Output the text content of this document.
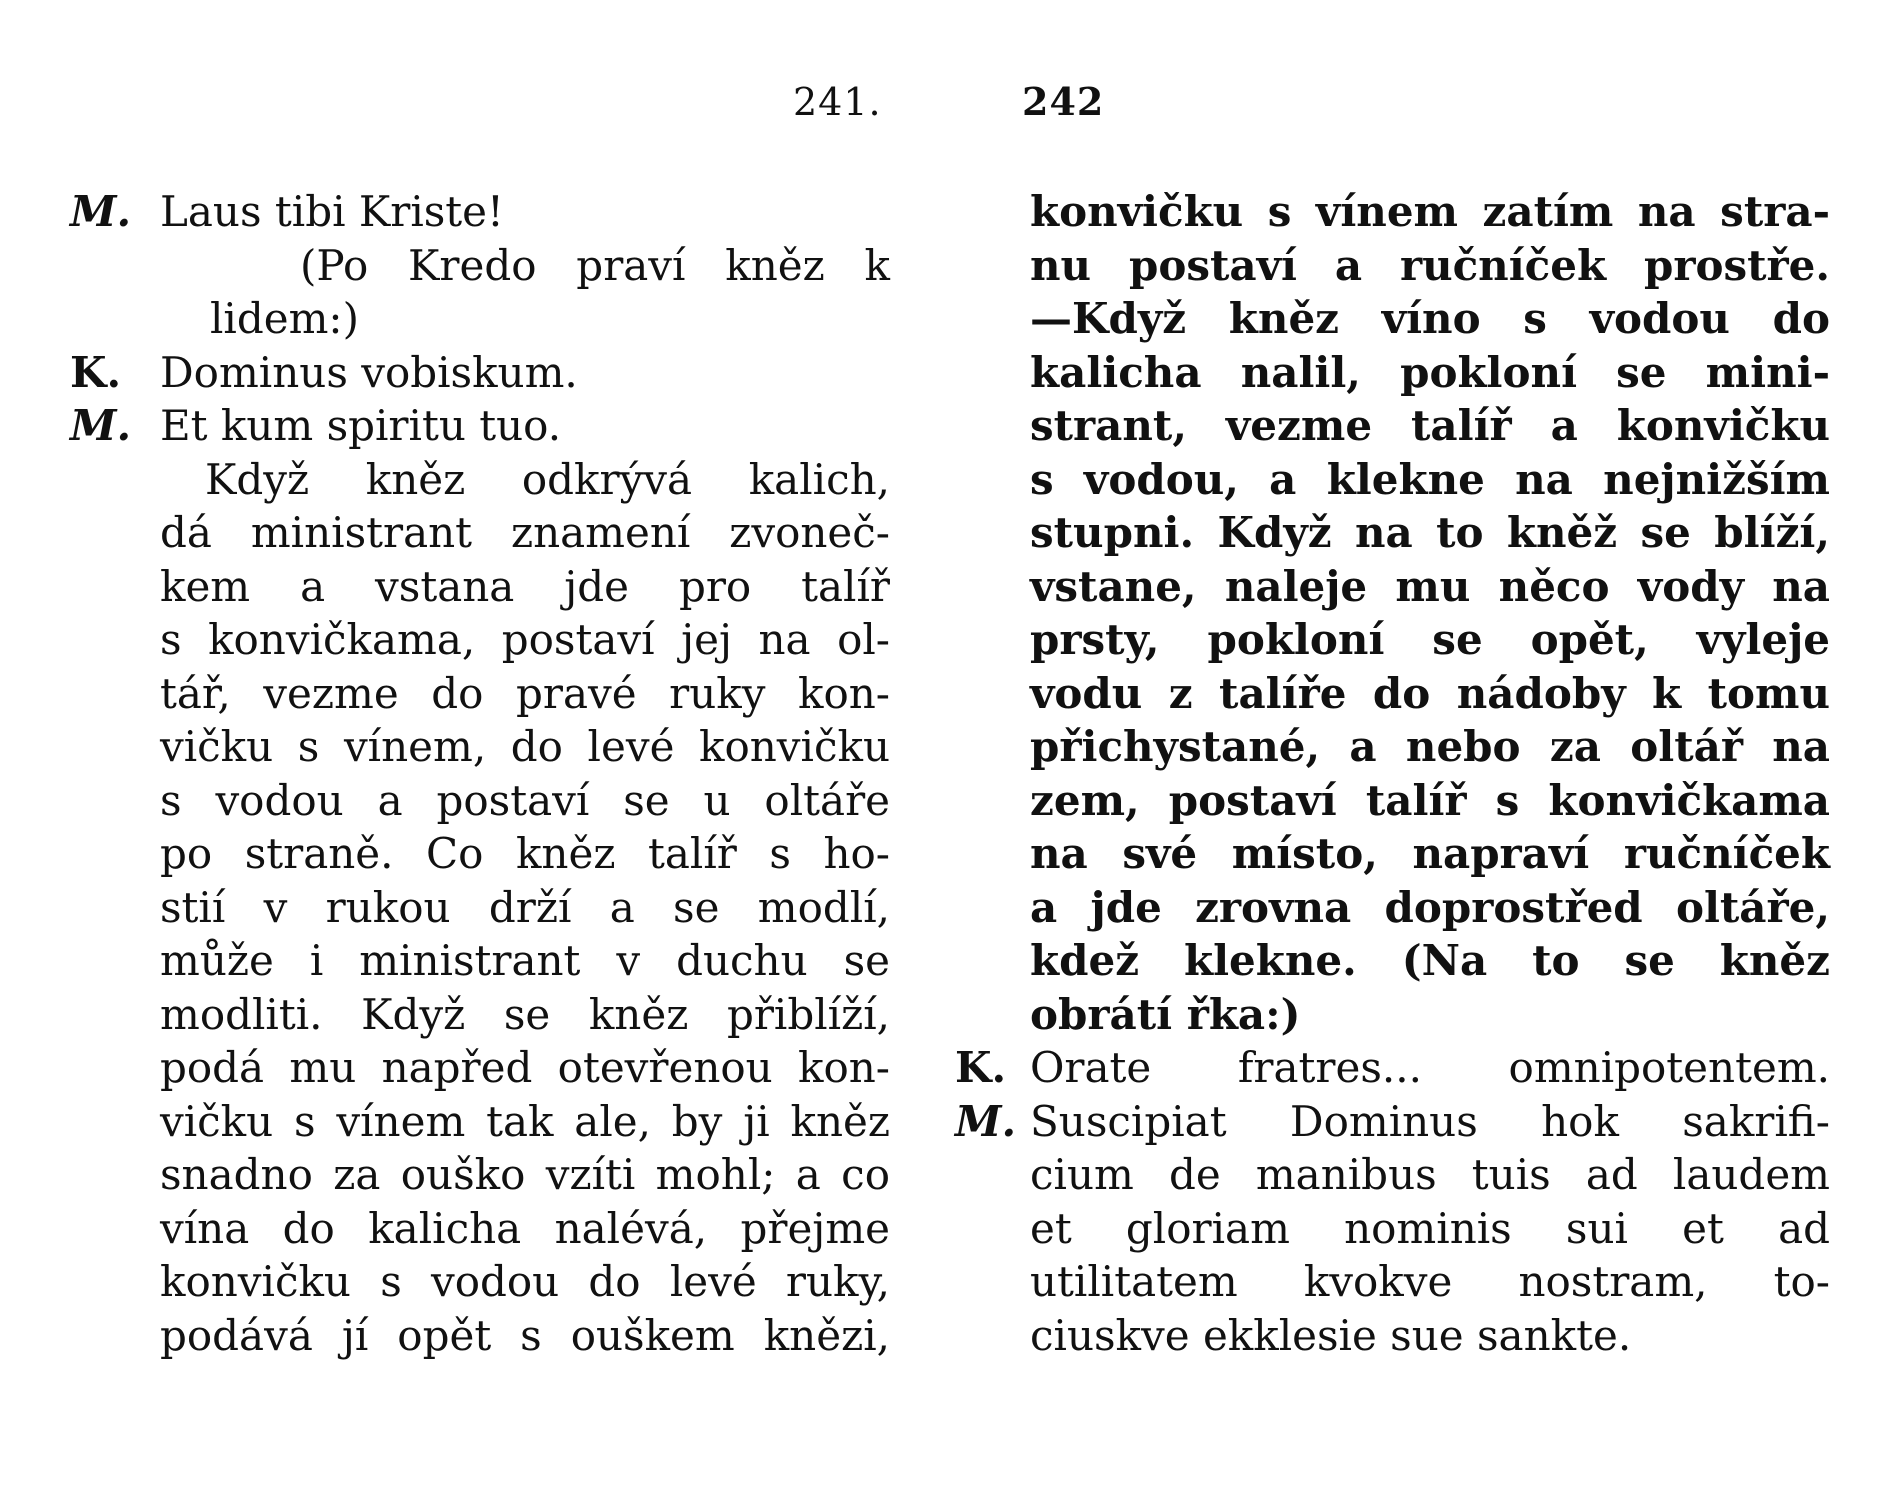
241.	242
M. Laus tibi Kriste!
(Po Kredo praví kněz k
lidem:)
K. Dominus vobiskum.
M. Et kum spiritu tuo.
Když kněz odkrývá kalich,
dá ministrant znamení zvoneč-
kem a vstana jde pro talíř
s konvičkama, postaví jej na ol-
tář, vezme do pravé ruky kon-
vičku s vínem, do levé konvičku
s vodou a postaví se u oltáře
po straně. Co kněz talíř s ho-
stií v rukou drží a se modlí,
může i ministrant v duchu se
modliti. Když se kněz přiblíží,
podá mu napřed otevřenou kon-
vičku s vínem tak ale, by ji kněz
snadno za ouško vzíti mohl; a co
vína do kalicha nalévá, přejme
konvičku s vodou do levé ruky,
podává jí opět s ouškem knězi,
konvičku s vínem zatím na stra-
nu postaví a ručníček prostře.
—Když kněz víno s vodou do
kalicha nalil, pokloní se mini-
strant, vezme talíř a konvičku
s vodou, a klekne na nejnižším
stupni. Když na to kněž se blíží,
vstane, naleje mu něco vody na
prsty, pokloní se opět, vyleje
vodu z talíře do nádoby k tomu
přichystané, a nebo za oltář na
zem, postaví talíř s konvičkama
na své místo, napraví ručníček
a jde zrovna doprostřed oltáře,
kdež klekne. (Na to se kněz
obrátí řka:)
K. Orate fratres... omnipotentem.
M. Suscipiat Dominus hok sakrifi-
cium de manibus tuis ad laudem
et gloriam nominis sui et ad
utilitatem kvokve nostram, to-
ciuskve ekklesie sue sankte.
